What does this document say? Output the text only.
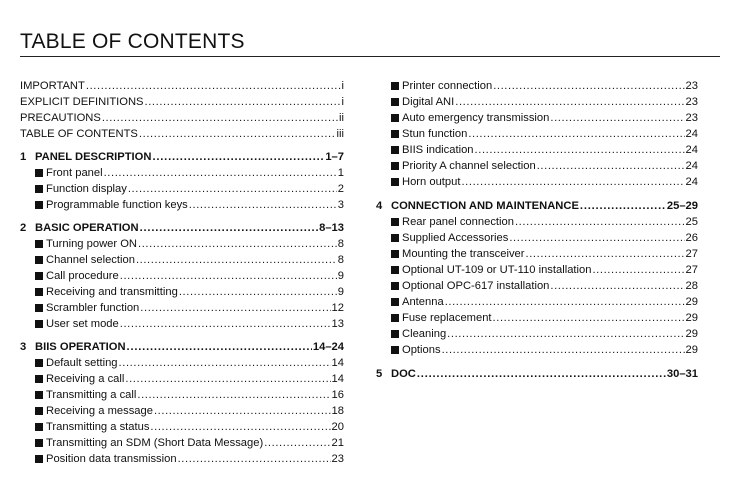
TABLE OF CONTENTS
IMPORTANT .....	i
EXPLICIT DEFINITIONS .....	i
PRECAUTIONS .....	ii
TABLE OF CONTENTS .....	iii
1 PANEL DESCRIPTION .....	1–7
Front panel .....	1
Function display .....	2
Programmable function keys .....	3
2 BASIC OPERATION .....	8–13
Turning power ON .....	8
Channel selection .....	8
Call procedure .....	9
Receiving and transmitting .....	9
Scrambler function .....	12
User set mode .....	13
3 BIIS OPERATION .....	14–24
Default setting .....	14
Receiving a call .....	14
Transmitting a call .....	16
Receiving a message .....	18
Transmitting a status .....	20
Transmitting an SDM (Short Data Message) .....	21
Position data transmission .....	23
Printer connection .....	23
Digital ANI .....	23
Auto emergency transmission .....	23
Stun function .....	24
BIIS indication .....	24
Priority A channel selection .....	24
Horn output .....	24
4 CONNECTION AND MAINTENANCE .....	25–29
Rear panel connection .....	25
Supplied Accessories .....	26
Mounting the transceiver .....	27
Optional UT-109 or UT-110 installation .....	27
Optional OPC-617 installation .....	28
Antenna .....	29
Fuse replacement .....	29
Cleaning .....	29
Options .....	29
5 DOC .....	30–31
